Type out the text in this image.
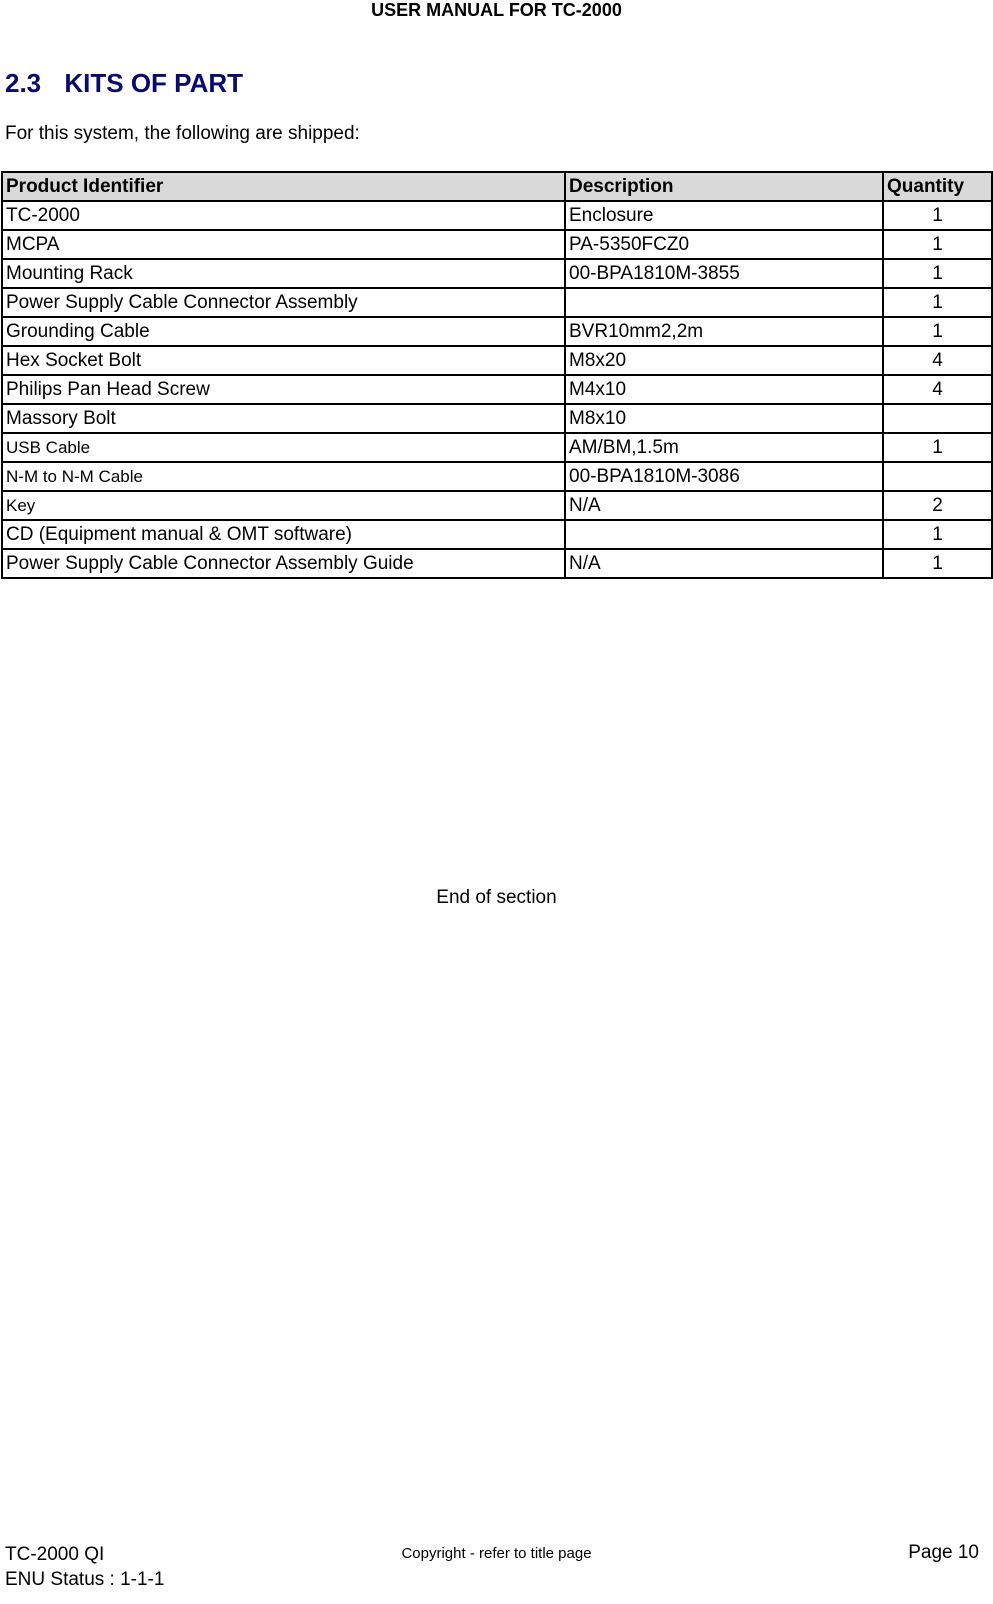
USER MANUAL FOR TC-2000
2.3 KITS OF PART
For this system, the following are shipped:
Product Identifier	Description	Quantity
TC-2000	Enclosure	1
MCPA	PA-5350FCZ0	1
Mounting Rack	00-BPA1810M-3855	1
Power Supply Cable Connector Assembly		1
Grounding Cable	BVR10mm2,2m	1
Hex Socket Bolt	M8x20	4
Philips Pan Head Screw	M4x10	4
Massory Bolt	M8x10	
USB Cable	AM/BM,1.5m	1
N-M to N-M Cable	00-BPA1810M-3086	
Key	N/A	2
CD (Equipment manual & OMT software)		1
Power Supply Cable Connector Assembly Guide	N/A	1
End of section
TC-2000 QI
ENU Status : 1-1-1
Copyright - refer to title page	Page 10
